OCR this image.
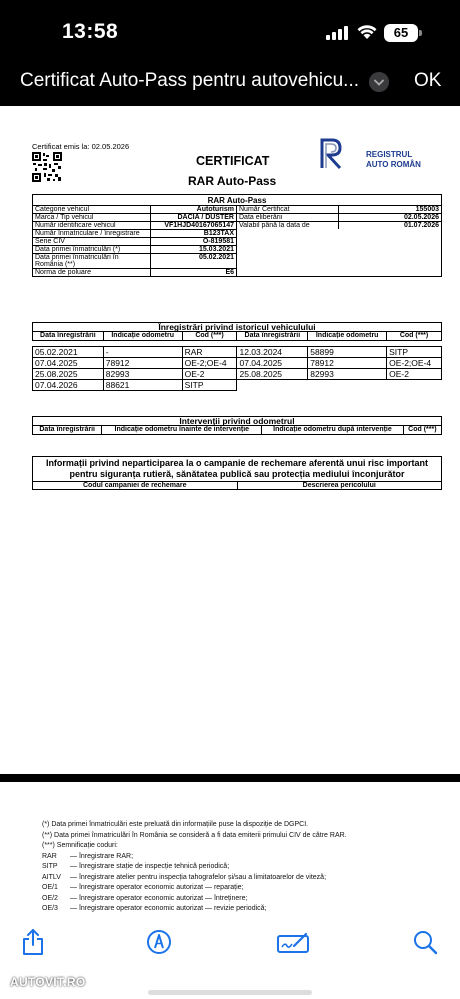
13:58	65
Certificat Auto-Pass pentru autovehicu...	OK
Certificat emis la: 02.05.2026
CERTIFICAT
RAR Auto-Pass
REGISTRUL
AUTO ROMÂN
RAR Auto-Pass
Categorie vehicul	Autoturism
Marca / Tip vehicul	DACIA / DUSTER
Număr identificare vehicul	VF1HJD40167065147
Număr înmatriculare / înregistrare	B123TAX
Serie CIV	O-819581
Data primei înmatriculări (*)	15.03.2021
Data primei înmatriculări în România (**)
05.02.2021
Norma de poluare	E6
Număr Certificat	155003
Data eliberării	02.05.2026
Valabil până la data de	01.07.2026
Înregistrări privind istoricul vehiculului					
Data înregistrării	Indicație odometru	Cod (***)	Data înregistrării	Indicație odometru	Cod (***)

05.02.2021	-	RAR	12.03.2024	58899	SITP
07.04.2025	78912	OE-2;OE-4	07.04.2025	78912	OE-2;OE-4
25.08.2025	82993	OE-2	25.08.2025	82993	OE-2
07.04.2026	88621	SITP			
Intervenții privind odometrul
Data înregistrării	Indicație odometru înainte de intervenție	Indicație odometru după intervenție	Cod (***)
Informații privind neparticiparea la o campanie de rechemare aferentă unui risc important pentru siguranța rutieră, sănătatea publică sau protecția mediului înconjurător
Codul campaniei de rechemare	Descrierea pericolului
(*) Data primei înmatriculări este preluată din informațiile puse la dispoziție de DGPCI.
(**) Data primei înmatriculări în România se consideră a fi data emiterii primului CIV de către RAR.
(***) Semnificație coduri:
RAR	— înregistrare RAR;
SITP	— înregistrare stație de inspecție tehnică periodică;
AITLV	— înregistrare atelier pentru inspecția tahografelor și/sau a limitatoarelor de viteză;
OE/1	— înregistrare operator economic autorizat — reparație;
OE/2	— înregistrare operator economic autorizat — întreținere;
OE/3	— înregistrare operator economic autorizat — revizie periodică;
AUTOVIT.RO
